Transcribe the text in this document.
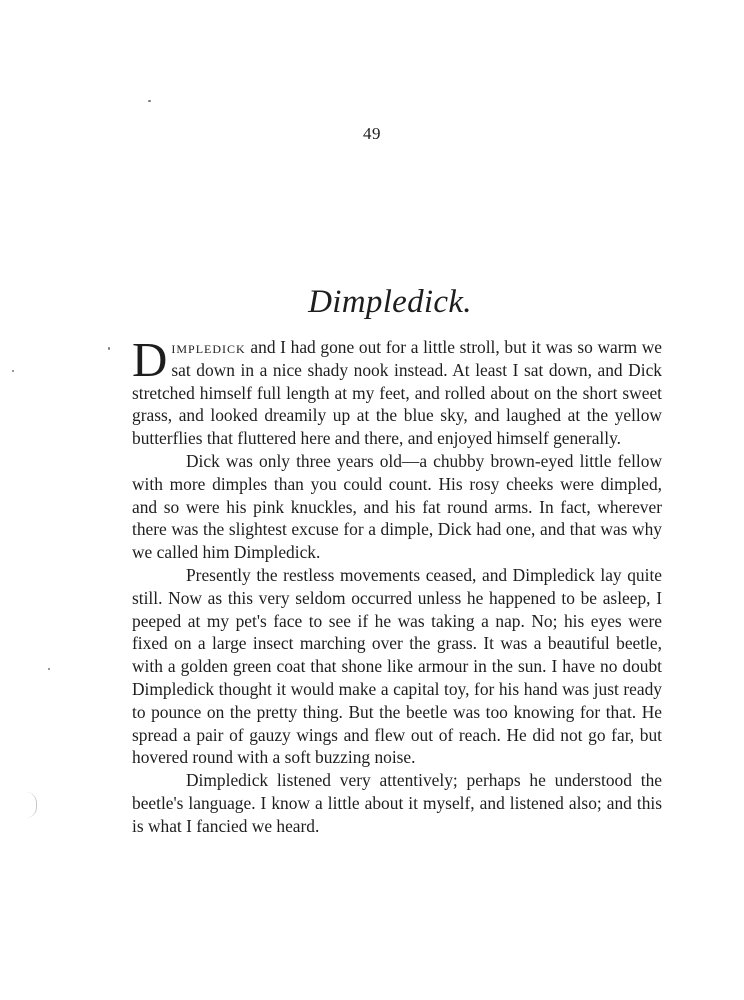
49
Dimpledick.

Dimpledick and I had gone out for a little stroll, but it was so warm we sat down in a nice shady nook instead. At least I sat down, and Dick stretched himself full length at my feet, and rolled about on the short sweet grass, and looked dreamily up at the blue sky, and laughed at the yellow butterflies that fluttered here and there, and enjoyed himself generally.

Dick was only three years old—a chubby brown-eyed little fellow with more dimples than you could count. His rosy cheeks were dimpled, and so were his pink knuckles, and his fat round arms. In fact, wherever there was the slightest excuse for a dimple, Dick had one, and that was why we called him Dimpledick.

Presently the restless movements ceased, and Dimpledick lay quite still. Now as this very seldom occurred unless he happened to be asleep, I peeped at my pet's face to see if he was taking a nap. No; his eyes were fixed on a large insect marching over the grass. It was a beautiful beetle, with a golden green coat that shone like armour in the sun. I have no doubt Dimpledick thought it would make a capital toy, for his hand was just ready to pounce on the pretty thing. But the beetle was too knowing for that. He spread a pair of gauzy wings and flew out of reach. He did not go far, but hovered round with a soft buzzing noise.

Dimpledick listened very attentively; perhaps he understood the beetle's language. I know a little about it myself, and listened also; and this is what I fancied we heard.
